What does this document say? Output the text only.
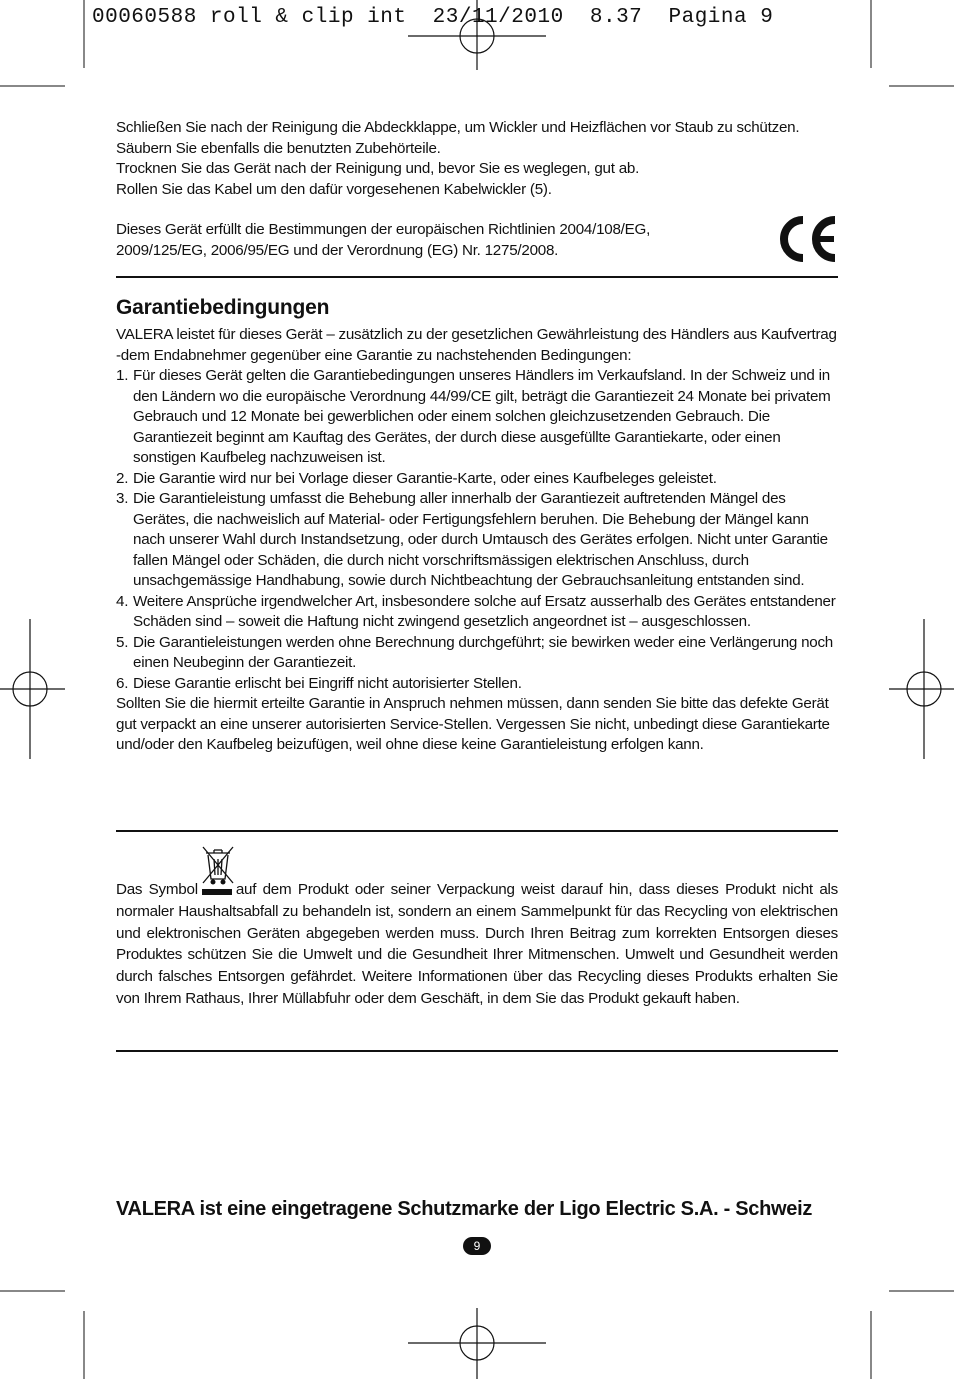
00060588 roll & clip int  23/11/2010  8.37  Pagina 9

Schließen Sie nach der Reinigung die Abdeckklappe, um Wickler und Heizflächen vor Staub zu schützen.

Säubern Sie ebenfalls die benutzten Zubehörteile.

Trocknen Sie das Gerät nach der Reinigung und, bevor Sie es weglegen, gut ab.

Rollen Sie das Kabel um den dafür vorgesehenen Kabelwickler (5).

Dieses Gerät erfüllt die Bestimmungen der europäischen Richtlinien 2004/108/EG,

2009/125/EG, 2006/95/EG und der Verordnung (EG) Nr. 1275/2008.

Garantiebedingungen

VALERA leistet für dieses Gerät – zusätzlich zu der gesetzlichen Gewährleistung des Händlers aus Kaufvertrag -dem Endabnehmer gegenüber eine Garantie zu nachstehenden Bedingungen:

1. Für dieses Gerät gelten die Garantiebedingungen unseres Händlers im Verkaufsland. In der Schweiz und in den Ländern wo die europäische Verordnung 44/99/CE gilt, beträgt die Garantiezeit 24 Monate bei privatem Gebrauch und 12 Monate bei gewerblichen oder einem solchen gleichzusetzenden Gebrauch. Die Garantiezeit beginnt am Kauftag des Gerätes, der durch diese ausgefüllte Garantiekarte, oder einen sonstigen Kaufbeleg nachzuweisen ist.
2. Die Garantie wird nur bei Vorlage dieser Garantie-Karte, oder eines Kaufbeleges geleistet.
3. Die Garantieleistung umfasst die Behebung aller innerhalb der Garantiezeit auftretenden Mängel des Gerätes, die nachweislich auf Material- oder Fertigungsfehlern beruhen. Die Behebung der Mängel kann nach unserer Wahl durch Instandsetzung, oder durch Umtausch des Gerätes erfolgen. Nicht unter Garantie fallen Mängel oder Schäden, die durch nicht vorschriftsmässigen elektrischen Anschluss, durch unsachgemässige Handhabung, sowie durch Nichtbeachtung der Gebrauchsanleitung entstanden sind.
4. Weitere Ansprüche irgendwelcher Art, insbesondere solche auf Ersatz ausserhalb des Gerätes entstandener Schäden sind – soweit die Haftung nicht zwingend gesetzlich angeordnet ist – ausgeschlossen.
5. Die Garantieleistungen werden ohne Berechnung durchgeführt; sie bewirken weder eine Verlängerung noch einen Neubeginn der Garantiezeit.
6. Diese Garantie erlischt bei Eingriff nicht autorisierter Stellen.

Sollten Sie die hiermit erteilte Garantie in Anspruch nehmen müssen, dann senden Sie bitte das defekte Gerät gut verpackt an eine unserer autorisierten Service-Stellen. Vergessen Sie nicht, unbedingt diese Garantiekarte und/oder den Kaufbeleg beizufügen, weil ohne diese keine Garantieleistung erfolgen kann.

Das Symbol	auf dem Produkt oder seiner Verpackung weist darauf hin, dass dieses Produkt nicht als normaler Haushaltsabfall zu behandeln ist, sondern an einem Sammelpunkt für das Recycling von elektrischen und elektronischen Geräten abgegeben werden muss. Durch Ihren Beitrag zum korrekten Entsorgen dieses Produktes schützen Sie die Umwelt und die Gesundheit Ihrer Mitmenschen. Umwelt und Gesundheit werden durch falsches Entsorgen gefährdet. Weitere Informationen über das Recycling dieses Produkts erhalten Sie von Ihrem Rathaus, Ihrer Müllabfuhr oder dem Geschäft, in dem Sie das Produkt gekauft haben.

VALERA ist eine eingetragene Schutzmarke der Ligo Electric S.A. - Schweiz

9
